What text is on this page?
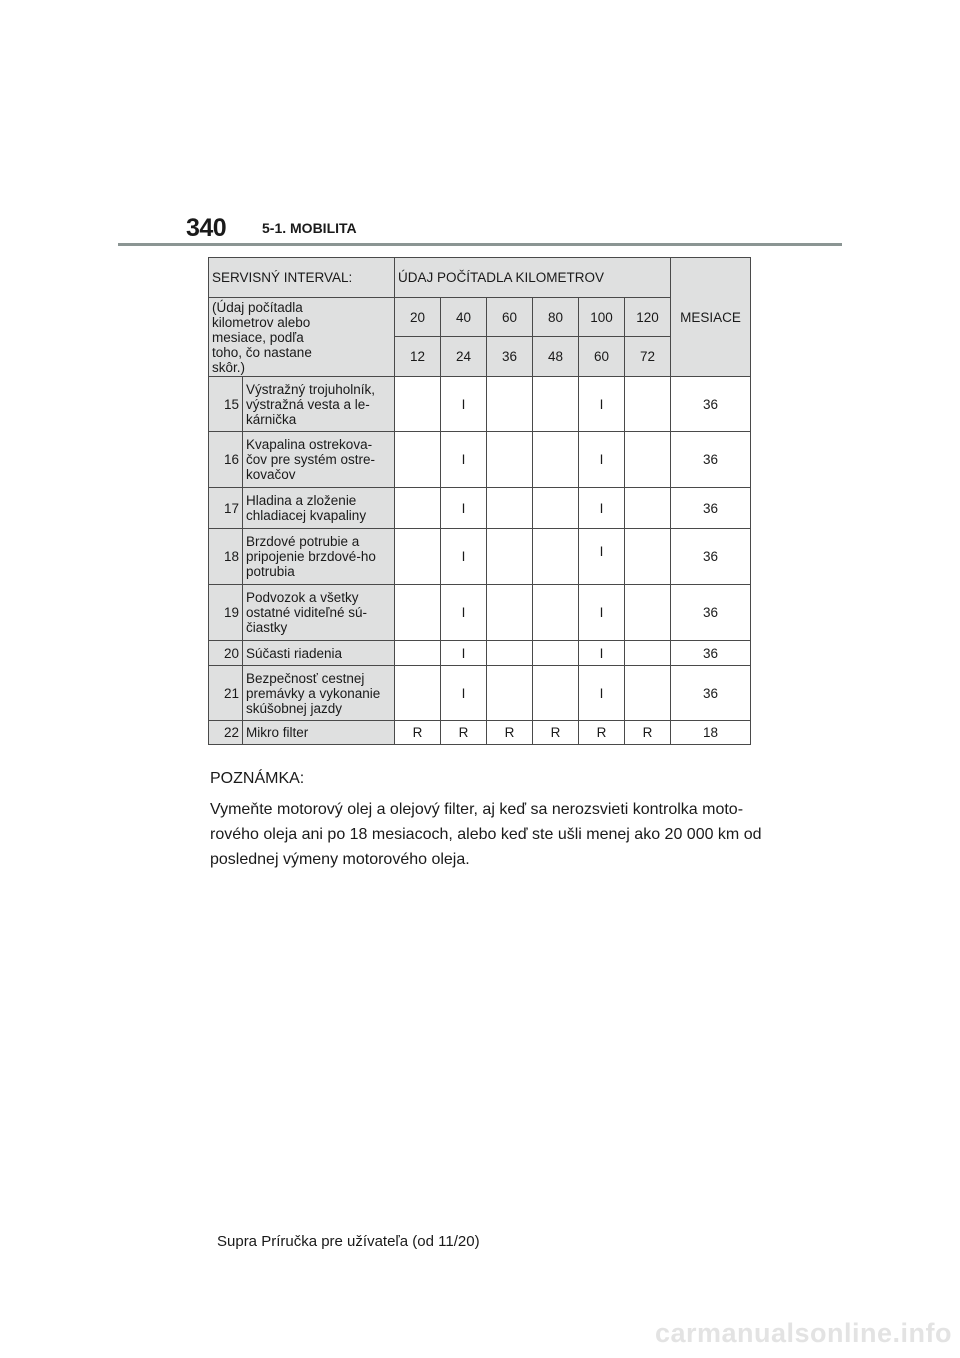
340	5-1. MOBILITA
SERVISNÝ INTERVAL:		ÚDAJ POČÍTADLA KILOMETROV						MESIACE

(Údaj počítadla kilometrov alebo mesiace, podľa toho, čo nastane skôr.)		20	40	60	80	100	120	
		12	24	36	48	60	72	
15	Výstražný trojuholník, výstražná vesta a le-kárnička		I			I		36
16	Kvapalina ostrekova-čov pre systém ostre-kovačov		I			I		36
17	Hladina a zloženie chladiacej kvapaliny		I			I		36
18	Brzdové potrubie a pripojenie brzdové-ho potrubia		I			I		36
19	Podvozok a všetky ostatné viditeľné sú-čiastky		I			I		36
20	Súčasti riadenia		I			I		36
21	Bezpečnosť cestnej premávky a vykonanie skúšobnej jazdy		I			I		36
22	Mikro filter	R	R	R	R	R	R	18

POZNÁMKA:

Vymeňte motorový olej a olejový filter, aj keď sa nerozsvieti kontrolka moto-rového oleja ani po 18 mesiacoch, alebo keď ste ušli menej ako 20 000 km od poslednej výmeny motorového oleja.

Supra Príručka pre užívateľa (od 11/20)
carmanualsonline.info
